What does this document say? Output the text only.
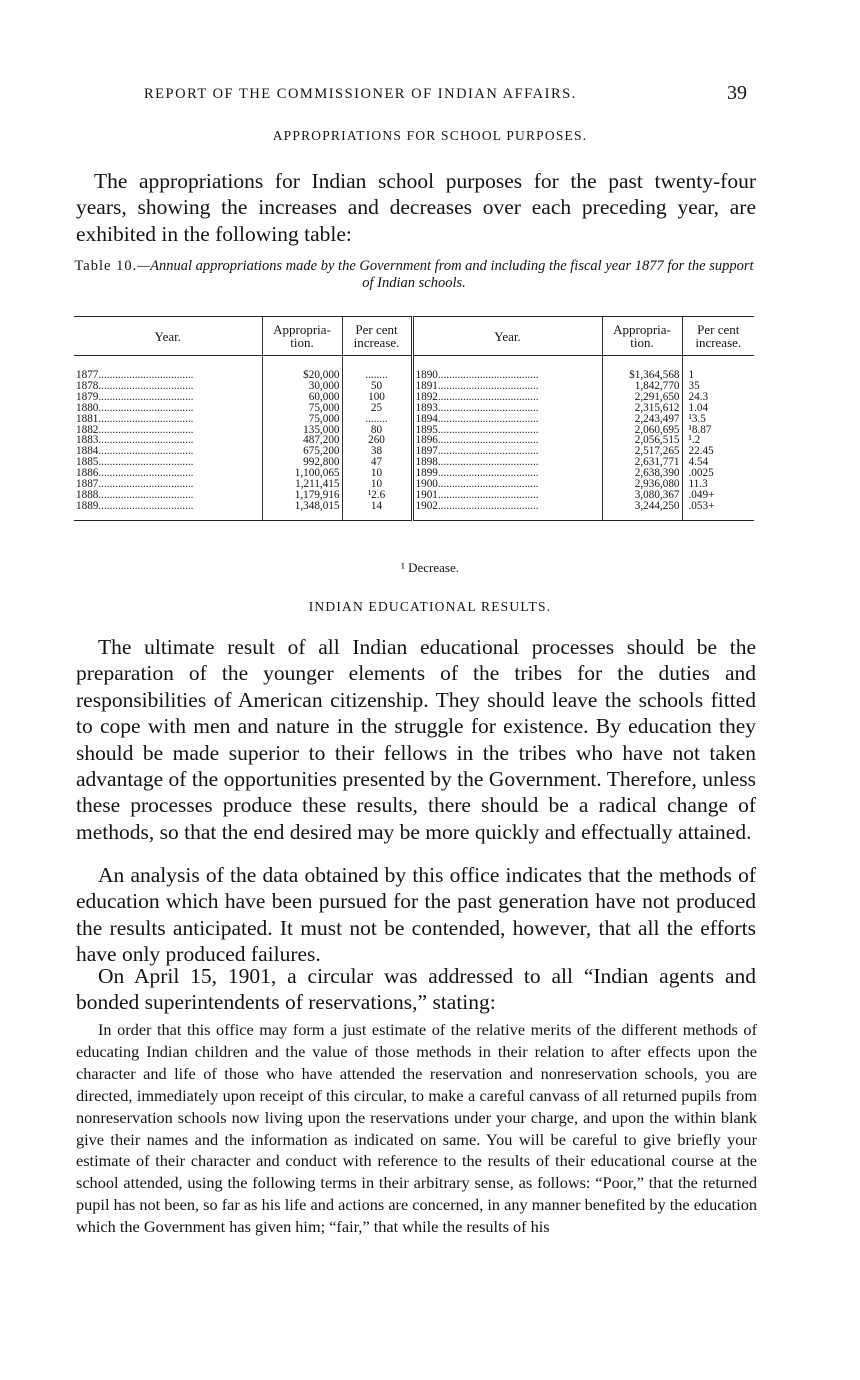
REPORT OF THE COMMISSIONER OF INDIAN AFFAIRS.	39
APPROPRIATIONS FOR SCHOOL PURPOSES.

The appropriations for Indian school purposes for the past twenty-four years, showing the increases and decreases over each preceding year, are exhibited in the following table:

Table 10.—Annual appropriations made by the Government from and including the fiscal year 1877 for the support of Indian schools.
Year.	Appropria-tion.	Per cent increase.	Year.	Appropria-tion.	Per cent increase.
1877..................................	$20,000	........	1890....................................	$1,364,568	1
1878..................................	30,000	50	1891....................................	1,842,770	35
1879..................................	60,000	100	1892....................................	2,291,650	24.3
1880..................................	75,000	25	1893....................................	2,315,612	1.04
1881..................................	75,000	........	1894....................................	2,243,497	¹3.5
1882..................................	135,000	80	1895....................................	2,060,695	¹8.87
1883..................................	487,200	260	1896....................................	2,056,515	¹.2
1884..................................	675,200	38	1897....................................	2,517,265	22.45
1885..................................	992,800	47	1898....................................	2,631,771	4.54
1886..................................	1,100,065	10	1899....................................	2,638,390	.0025
1887..................................	1,211,415	10	1900....................................	2,936,080	11.3
1888..................................	1,179,916	¹2.6	1901....................................	3,080,367	.049+
1889..................................	1,348,015	14	1902....................................	3,244,250	.053+
¹ Decrease.
INDIAN EDUCATIONAL RESULTS.

The ultimate result of all Indian educational processes should be the preparation of the younger elements of the tribes for the duties and responsibilities of American citizenship. They should leave the schools fitted to cope with men and nature in the struggle for existence. By education they should be made superior to their fellows in the tribes who have not taken advantage of the opportunities presented by the Government. Therefore, unless these processes produce these results, there should be a radical change of methods, so that the end desired may be more quickly and effectually attained.

An analysis of the data obtained by this office indicates that the methods of education which have been pursued for the past generation have not produced the results anticipated. It must not be contended, however, that all the efforts have only produced failures.

On April 15, 1901, a circular was addressed to all “Indian agents and bonded superintendents of reservations,” stating:

In order that this office may form a just estimate of the relative merits of the different methods of educating Indian children and the value of those methods in their relation to after effects upon the character and life of those who have attended the reservation and nonreservation schools, you are directed, immediately upon receipt of this circular, to make a careful canvass of all returned pupils from nonreservation schools now living upon the reservations under your charge, and upon the within blank give their names and the information as indicated on same. You will be careful to give briefly your estimate of their character and conduct with reference to the results of their educational course at the school attended, using the following terms in their arbitrary sense, as follows: “Poor,” that the returned pupil has not been, so far as his life and actions are concerned, in any manner benefited by the education which the Government has given him; “fair,” that while the results of his
